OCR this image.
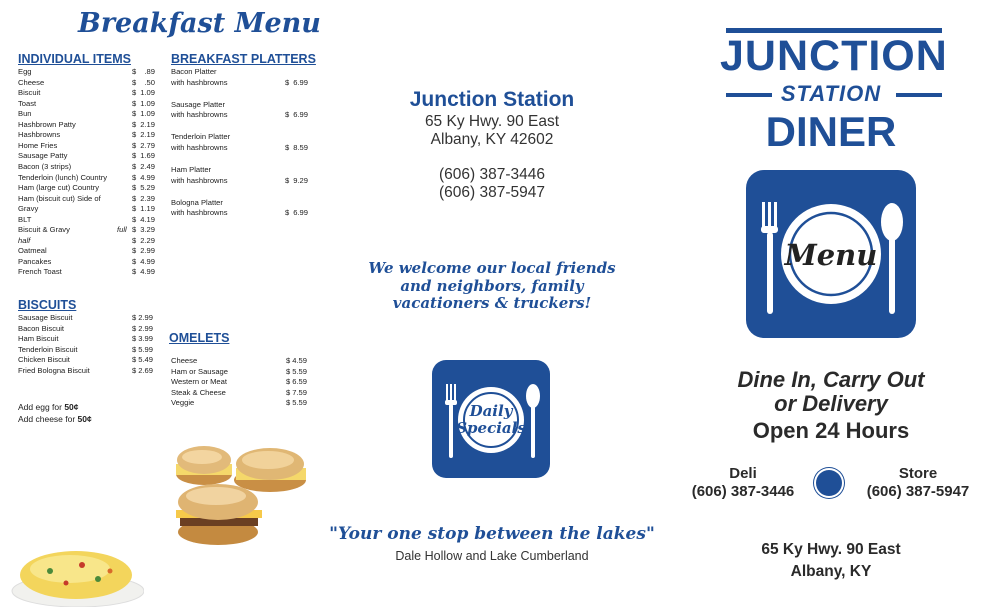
Breakfast Menu
INDIVIDUAL ITEMS
Egg	$ .89
Cheese	$ .50
Biscuit	$ 1.09
Toast	$ 1.09
Bun	$ 1.09
Hashbrown Patty	$ 2.19
Hashbrowns	$ 2.19
Home Fries	$ 2.79
Sausage Patty	$ 1.69
Bacon (3 strips)	$ 2.49
Tenderloin (lunch) Country	$ 4.99
Ham (large cut) Country	$ 5.29
Ham (biscuit cut) Side of	$ 2.39
Gravy	$ 1.19
BLT	$ 4.19
Biscuit & Gravy	full $ 3.29
half	$ 2.29
Oatmeal	$ 2.99
Pancakes	$ 4.99
French Toast	$ 4.99
BISCUITS
Sausage Biscuit	$ 2.99
Bacon Biscuit	$ 2.99
Ham Biscuit	$ 3.99
Tenderloin Biscuit	$ 5.99
Chicken Biscuit	$ 5.49
Fried Bologna Biscuit	$ 2.69
Add egg for 50¢
Add cheese for 50¢
BREAKFAST PLATTERS
Bacon Platter
with hashbrowns	$ 6.99
Sausage Platter
with hashbrowns	$ 6.99
Tenderloin Platter
with hashbrowns	$ 8.59
Ham Platter
with hashbrowns	$ 9.29
Bologna Platter
with hashbrowns	$ 6.99
OMELETS
Cheese	$ 4.59
Ham or Sausage	$ 5.59
Western or Meat	$ 6.59
Steak & Cheese	$ 7.59
Veggie	$ 5.59
Junction Station
65 Ky Hwy. 90 East
Albany, KY 42602
(606) 387-3446
(606) 387-5947
We welcome our local friends
and neighbors, family
vacationers & truckers!
Daily
Specials
"Your one stop between the lakes"
Dale Hollow and Lake Cumberland
JUNCTION
STATION
DINER
Menu
Dine In, Carry Out
or Delivery
Open 24 Hours
Deli
(606) 387-3446
Store
(606) 387-5947
65 Ky Hwy. 90 East
Albany, KY
